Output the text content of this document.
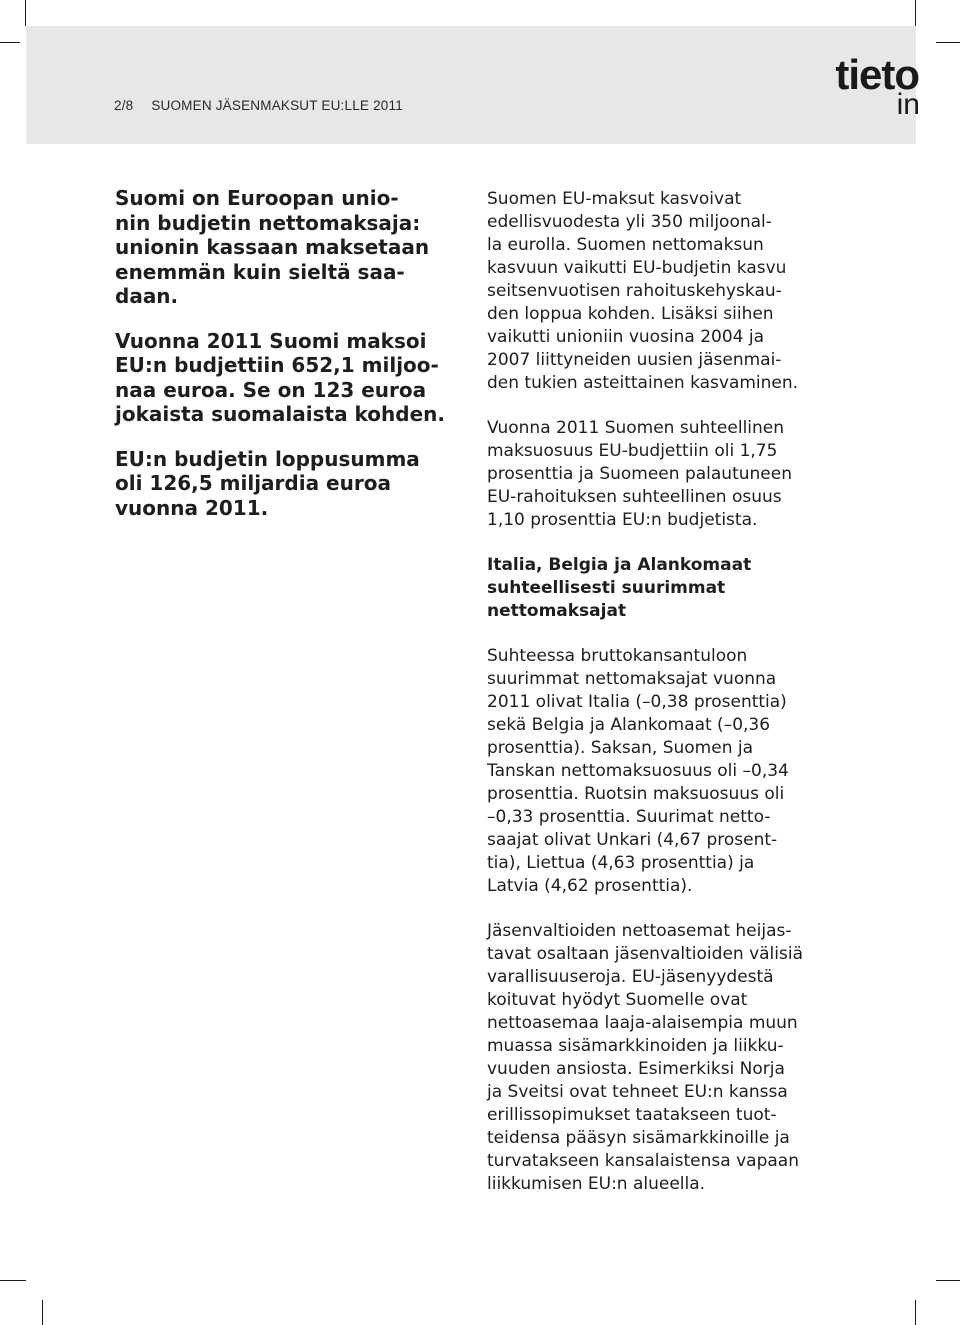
2/8 SUOMEN JÄSENMAKSUT EU:LLE 2011
tieto
in

Suomi on Euroopan unio-
nin budjetin nettomaksaja:
unionin kassaan maksetaan
enemmän kuin sieltä saa-
daan.

Vuonna 2011 Suomi maksoi
EU:n budjettiin 652,1 miljoo-
naa euroa. Se on 123 euroa
jokaista suomalaista kohden.

EU:n budjetin loppusumma
oli 126,5 miljardia euroa
vuonna 2011.

Suomen EU-maksut kasvoivat
edellisvuodesta yli 350 miljoonal-
la eurolla. Suomen nettomaksun
kasvuun vaikutti EU-budjetin kasvu
seitsenvuotisen rahoituskehyskau-
den loppua kohden. Lisäksi siihen
vaikutti unioniin vuosina 2004 ja
2007 liittyneiden uusien jäsenmai-
den tukien asteittainen kasvaminen.

Vuonna 2011 Suomen suhteellinen
maksuosuus EU-budjettiin oli 1,75
prosenttia ja Suomeen palautuneen
EU-rahoituksen suhteellinen osuus
1,10 prosenttia EU:n budjetista.

Italia, Belgia ja Alankomaat
suhteellisesti suurimmat
nettomaksajat

Suhteessa bruttokansantuloon
suurimmat nettomaksajat vuonna
2011 olivat Italia (–0,38 prosenttia)
sekä Belgia ja Alankomaat (–0,36
prosenttia). Saksan, Suomen ja
Tanskan nettomaksuosuus oli –0,34
prosenttia. Ruotsin maksuosuus oli
–0,33 prosenttia. Suurimat netto-
saajat olivat Unkari (4,67 prosent-
tia), Liettua (4,63 prosenttia) ja
Latvia (4,62 prosenttia).

Jäsenvaltioiden nettoasemat heijas-
tavat osaltaan jäsenvaltioiden välisiä
varallisuuseroja. EU-jäsenyydestä
koituvat hyödyt Suomelle ovat
nettoasemaa laaja-alaisempia muun
muassa sisämarkkinoiden ja liikku-
vuuden ansiosta. Esimerkiksi Norja
ja Sveitsi ovat tehneet EU:n kanssa
erillissopimukset taatakseen tuot-
teidensa pääsyn sisämarkkinoille ja
turvatakseen kansalaistensa vapaan
liikkumisen EU:n alueella.
